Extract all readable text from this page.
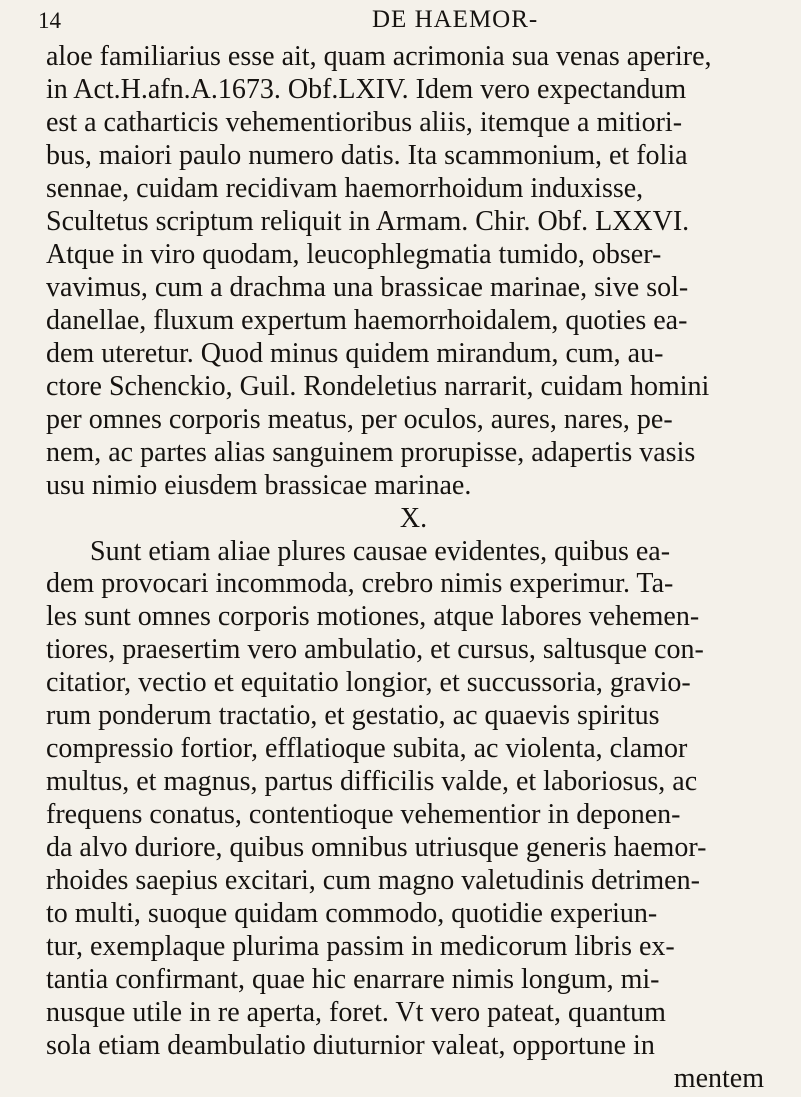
14	DE HAEMOR-
aloe familiarius esse ait, quam acrimonia sua venas aperire,
in Act.H.afn.A.1673. Obf.LXIV. Idem vero expectandum
est a catharticis vehementioribus aliis, itemque a mitiori-
bus, maiori paulo numero datis. Ita scammonium, et folia
sennae, cuidam recidivam haemorrhoidum induxisse,
Scultetus scriptum reliquit in Armam. Chir. Obf. LXXVI.
Atque in viro quodam, leucophlegmatia tumido, obser-
vavimus, cum a drachma una brassicae marinae, sive sol-
danellae, fluxum expertum haemorrhoidalem, quoties ea-
dem uteretur. Quod minus quidem mirandum, cum, au-
ctore Schenckio, Guil. Rondeletius narrarit, cuidam homini
per omnes corporis meatus, per oculos, aures, nares, pe-
nem, ac partes alias sanguinem prorupisse, adapertis vasis
usu nimio eiusdem brassicae marinae.
X.
Sunt etiam aliae plures causae evidentes, quibus ea-
dem provocari incommoda, crebro nimis experimur. Ta-
les sunt omnes corporis motiones, atque labores vehemen-
tiores, praesertim vero ambulatio, et cursus, saltusque con-
citatior, vectio et equitatio longior, et succussoria, gravio-
rum ponderum tractatio, et gestatio, ac quaevis spiritus
compressio fortior, efflatioque subita, ac violenta, clamor
multus, et magnus, partus difficilis valde, et laboriosus, ac
frequens conatus, contentioque vehementior in deponen-
da alvo duriore, quibus omnibus utriusque generis haemor-
rhoides saepius excitari, cum magno valetudinis detrimen-
to multi, suoque quidam commodo, quotidie experiun-
tur, exemplaque plurima passim in medicorum libris ex-
tantia confirmant, quae hic enarrare nimis longum, mi-
nusque utile in re aperta, foret. Vt vero pateat, quantum
sola etiam deambulatio diuturnior valeat, opportune in
mentem
